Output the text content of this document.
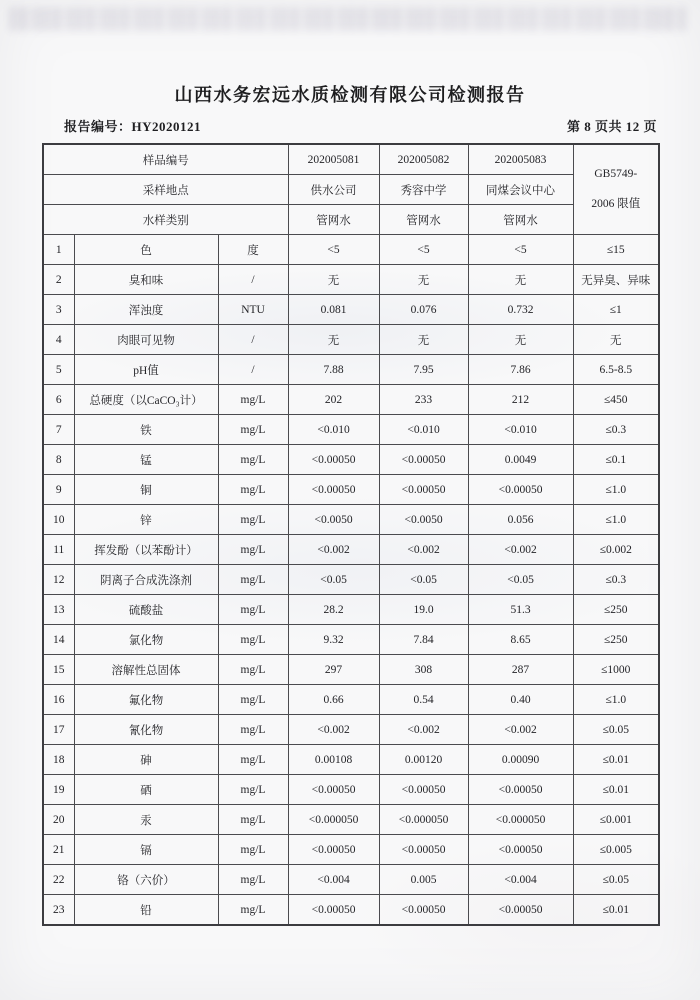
山西水务宏远水质检测有限公司检测报告
报告编号：HY2020121	第 8 页共 12 页
样品编号			202005081	202005082	202005083	GB5749-
2006 限值

采样地点			供水公司	秀容中学	同煤会议中心	
水样类别			管网水	管网水	管网水	
1	色	度	<5	<5	<5	≤15
2	臭和味	/	无	无	无	无异臭、异味
3	浑浊度	NTU	0.081	0.076	0.732	≤1
4	肉眼可见物	/	无	无	无	无
5	pH值	/	7.88	7.95	7.86	6.5-8.5
6	总硬度（以CaCO₃计）	mg/L	202	233	212	≤450
7	铁	mg/L	<0.010	<0.010	<0.010	≤0.3
8	锰	mg/L	<0.00050	<0.00050	0.0049	≤0.1
9	铜	mg/L	<0.00050	<0.00050	<0.00050	≤1.0
10	锌	mg/L	<0.0050	<0.0050	0.056	≤1.0
11	挥发酚（以苯酚计）	mg/L	<0.002	<0.002	<0.002	≤0.002
12	阴离子合成洗涤剂	mg/L	<0.05	<0.05	<0.05	≤0.3
13	硫酸盐	mg/L	28.2	19.0	51.3	≤250
14	氯化物	mg/L	9.32	7.84	8.65	≤250
15	溶解性总固体	mg/L	297	308	287	≤1000
16	氟化物	mg/L	0.66	0.54	0.40	≤1.0
17	氰化物	mg/L	<0.002	<0.002	<0.002	≤0.05
18	砷	mg/L	0.00108	0.00120	0.00090	≤0.01
19	硒	mg/L	<0.00050	<0.00050	<0.00050	≤0.01
20	汞	mg/L	<0.000050	<0.000050	<0.000050	≤0.001
21	镉	mg/L	<0.00050	<0.00050	<0.00050	≤0.005
22	铬（六价）	mg/L	<0.004	0.005	<0.004	≤0.05
23	铅	mg/L	<0.00050	<0.00050	<0.00050	≤0.01
